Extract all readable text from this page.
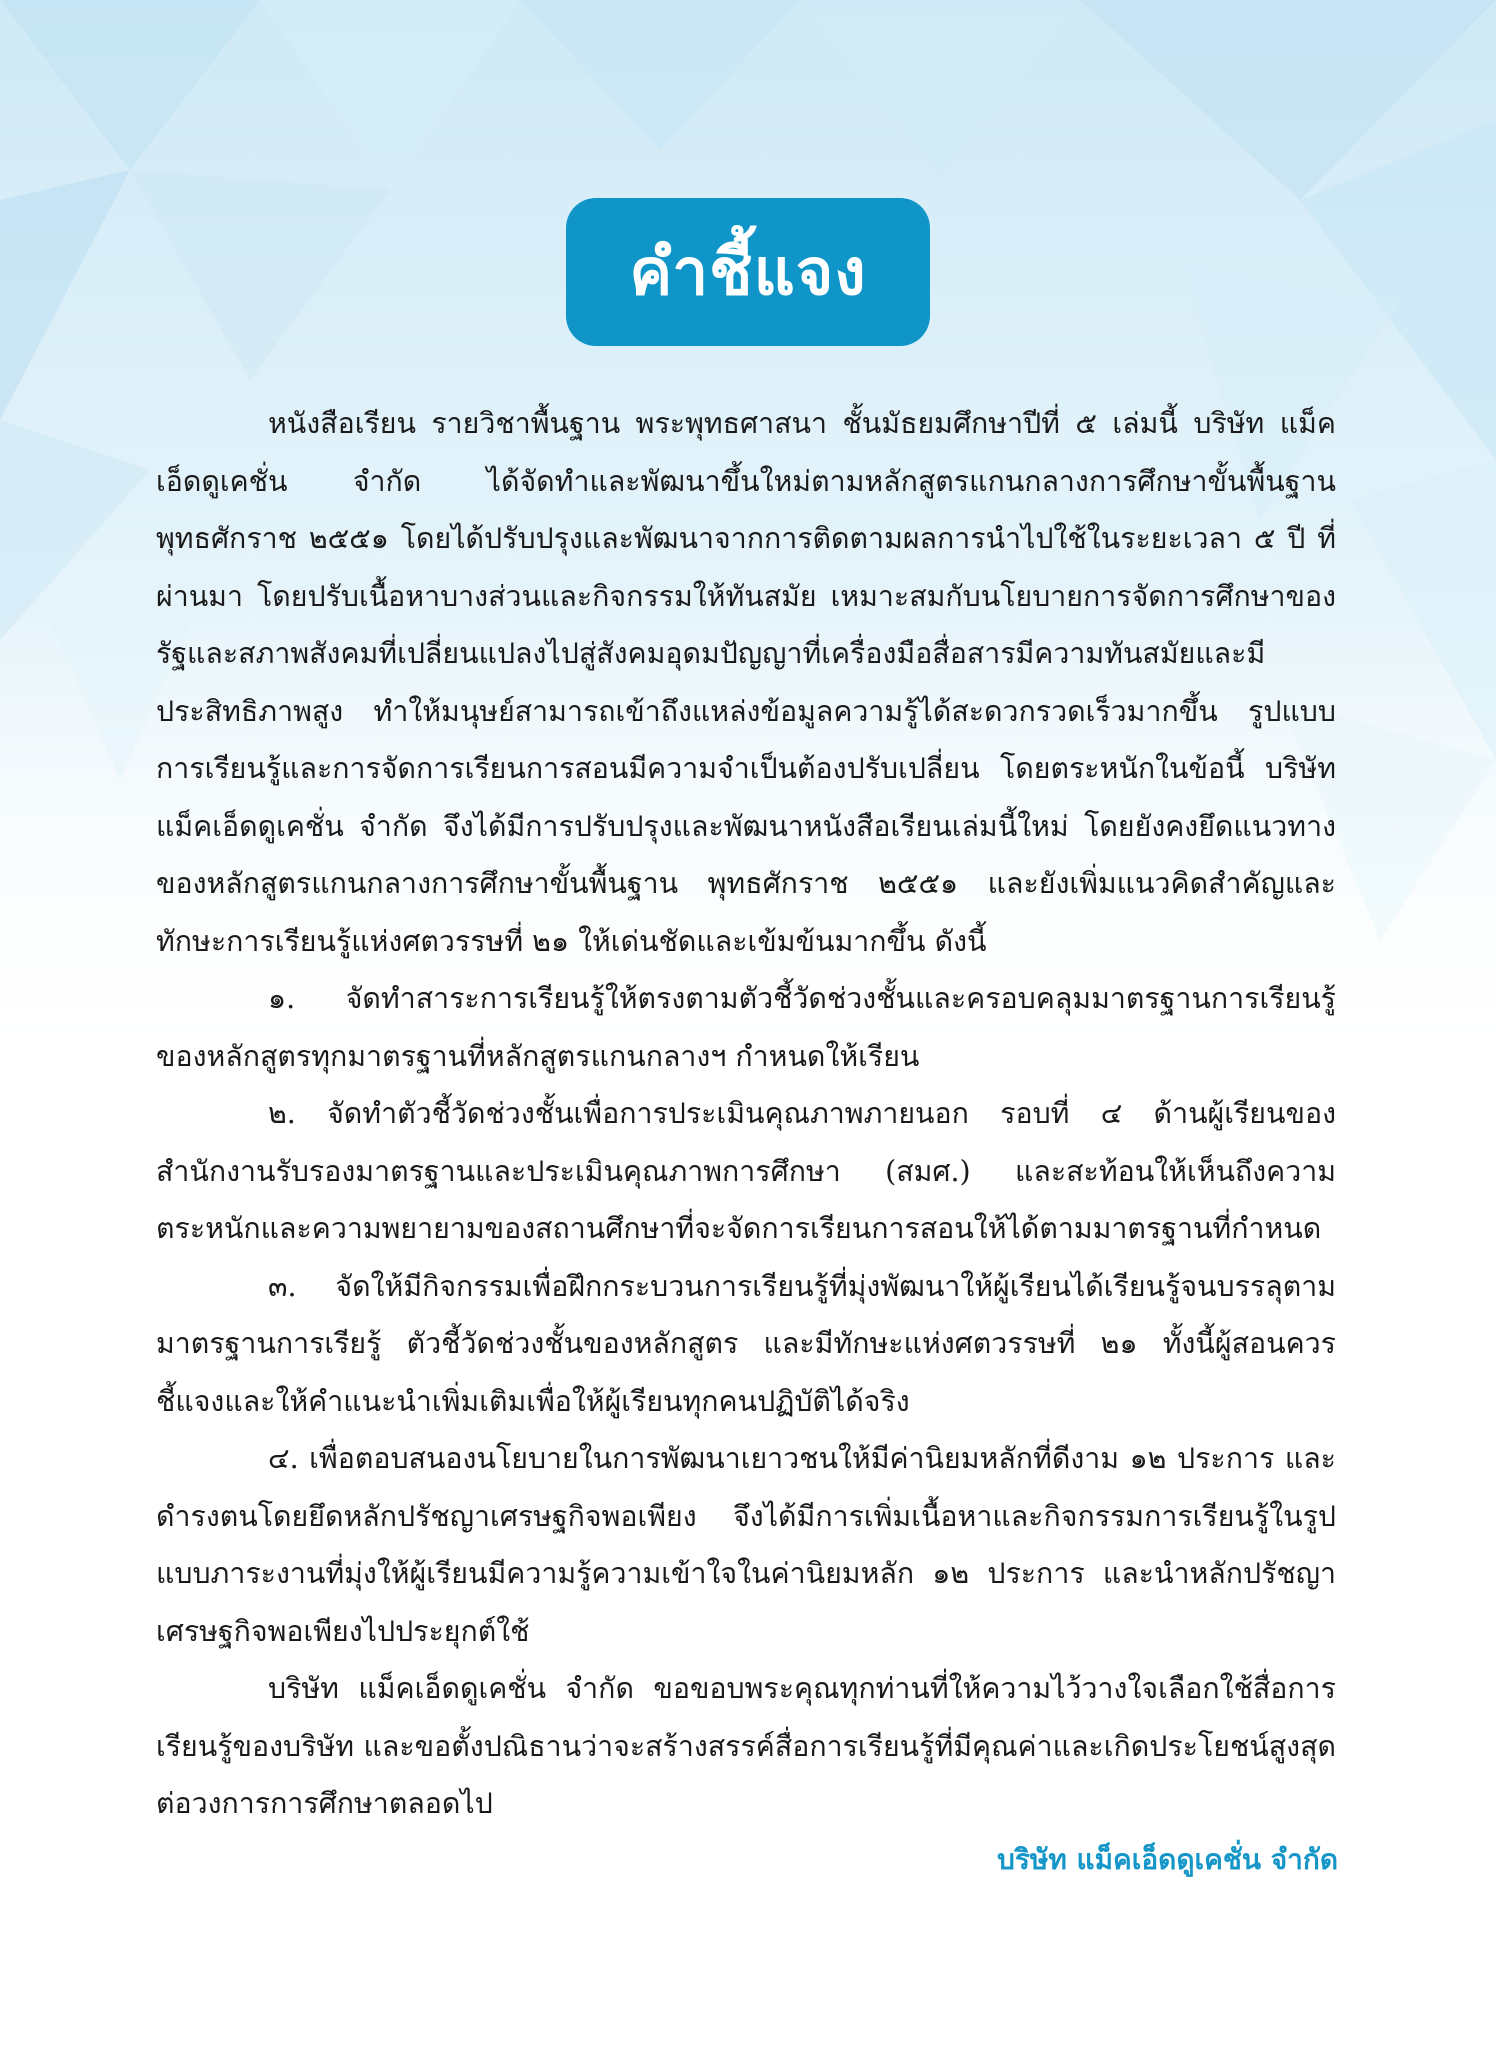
คำชี้แจง

หนังสือเรียน รายวิชาพื้นฐาน พระพุทธศาสนา ชั้นมัธยมศึกษาปีที่ ๕ เล่มนี้ บริษัท แม็คเอ็ดดูเคชั่น จำกัด ได้จัดทำและพัฒนาขึ้นใหม่ตามหลักสูตรแกนกลางการศึกษาขั้นพื้นฐาน พุทธศักราช ๒๕๕๑ โดยได้ปรับปรุงและพัฒนาจากการติดตามผลการนำไปใช้ในระยะเวลา ๕ ปี ที่ผ่านมา โดยปรับเนื้อหาบางส่วนและกิจกรรมให้ทันสมัย เหมาะสมกับนโยบายการจัดการศึกษาของรัฐและสภาพสังคมที่เปลี่ยนแปลงไปสู่สังคมอุดมปัญญาที่เครื่องมือสื่อสารมีความทันสมัยและมีประสิทธิภาพสูง ทำให้มนุษย์สามารถเข้าถึงแหล่งข้อมูลความรู้ได้สะดวกรวดเร็วมากขึ้น รูปแบบการเรียนรู้และการจัดการเรียนการสอนมีความจำเป็นต้องปรับเปลี่ยน โดยตระหนักในข้อนี้ บริษัท แม็คเอ็ดดูเคชั่น จำกัด จึงได้มีการปรับปรุงและพัฒนาหนังสือเรียนเล่มนี้ใหม่ โดยยังคงยึดแนวทางของหลักสูตรแกนกลางการศึกษาขั้นพื้นฐาน พุทธศักราช ๒๕๕๑ และยังเพิ่มแนวคิดสำคัญและทักษะการเรียนรู้แห่งศตวรรษที่ ๒๑ ให้เด่นชัดและเข้มข้นมากขึ้น ดังนี้

๑. จัดทำสาระการเรียนรู้ให้ตรงตามตัวชี้วัดช่วงชั้นและครอบคลุมมาตรฐานการเรียนรู้ของหลักสูตรทุกมาตรฐานที่หลักสูตรแกนกลางฯ กำหนดให้เรียน

๒. จัดทำตัวชี้วัดช่วงชั้นเพื่อการประเมินคุณภาพภายนอก รอบที่ ๔ ด้านผู้เรียนของสำนักงานรับรองมาตรฐานและประเมินคุณภาพการศึกษา (สมศ.) และสะท้อนให้เห็นถึงความตระหนักและความพยายามของสถานศึกษาที่จะจัดการเรียนการสอนให้ได้ตามมาตรฐานที่กำหนด

๓. จัดให้มีกิจกรรมเพื่อฝึกกระบวนการเรียนรู้ที่มุ่งพัฒนาให้ผู้เรียนได้เรียนรู้จนบรรลุตามมาตรฐานการเรียรู้ ตัวชี้วัดช่วงชั้นของหลักสูตร และมีทักษะแห่งศตวรรษที่ ๒๑ ทั้งนี้ผู้สอนควรชี้แจงและให้คำแนะนำเพิ่มเติมเพื่อให้ผู้เรียนทุกคนปฏิบัติได้จริง

๔. เพื่อตอบสนองนโยบายในการพัฒนาเยาวชนให้มีค่านิยมหลักที่ดีงาม ๑๒ ประการ และดำรงตนโดยยึดหลักปรัชญาเศรษฐกิจพอเพียง จึงได้มีการเพิ่มเนื้อหาและกิจกรรมการเรียนรู้ในรูปแบบภาระงานที่มุ่งให้ผู้เรียนมีความรู้ความเข้าใจในค่านิยมหลัก ๑๒ ประการ และนำหลักปรัชญาเศรษฐกิจพอเพียงไปประยุกต์ใช้

บริษัท แม็คเอ็ดดูเคชั่น จำกัด ขอขอบพระคุณทุกท่านที่ให้ความไว้วางใจเลือกใช้สื่อการเรียนรู้ของบริษัท และขอตั้งปณิธานว่าจะสร้างสรรค์สื่อการเรียนรู้ที่มีคุณค่าและเกิดประโยชน์สูงสุดต่อวงการการศึกษาตลอดไป

บริษัท แม็คเอ็ดดูเคชั่น จำกัด
